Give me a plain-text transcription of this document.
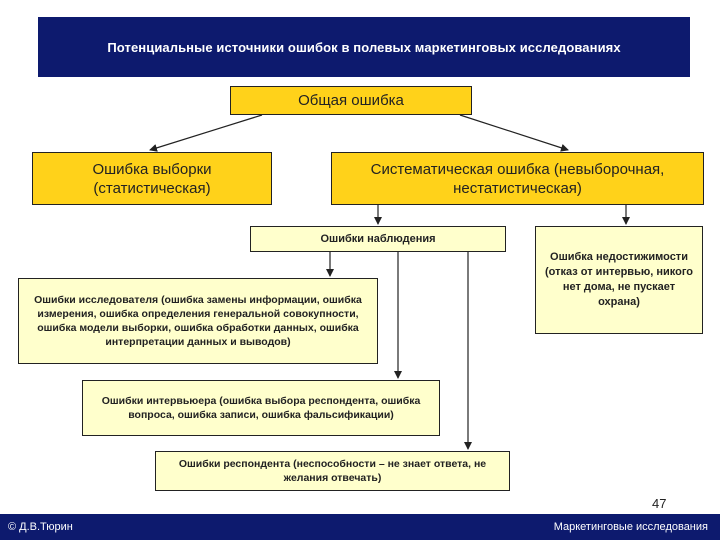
Потенциальные источники ошибок в полевых маркетинговых исследованиях
Общая ошибка
Ошибка выборки
(статистическая)
Систематическая ошибка (невыборочная,
нестатистическая)
Ошибки наблюдения
Ошибка недостижимости (отказ от интервью, никого нет дома, не пускает охрана)
Ошибки исследователя (ошибка замены информации, ошибка измерения, ошибка определения генеральной совокупности, ошибка модели выборки, ошибка обработки данных, ошибка интерпретации данных и выводов)
Ошибки интервьюера (ошибка выбора респондента, ошибка вопроса, ошибка записи, ошибка фальсификации)
Ошибки респондента (неспособности – не знает ответа, не желания отвечать)
47
© Д.В.Тюрин	Маркетинговые исследования
